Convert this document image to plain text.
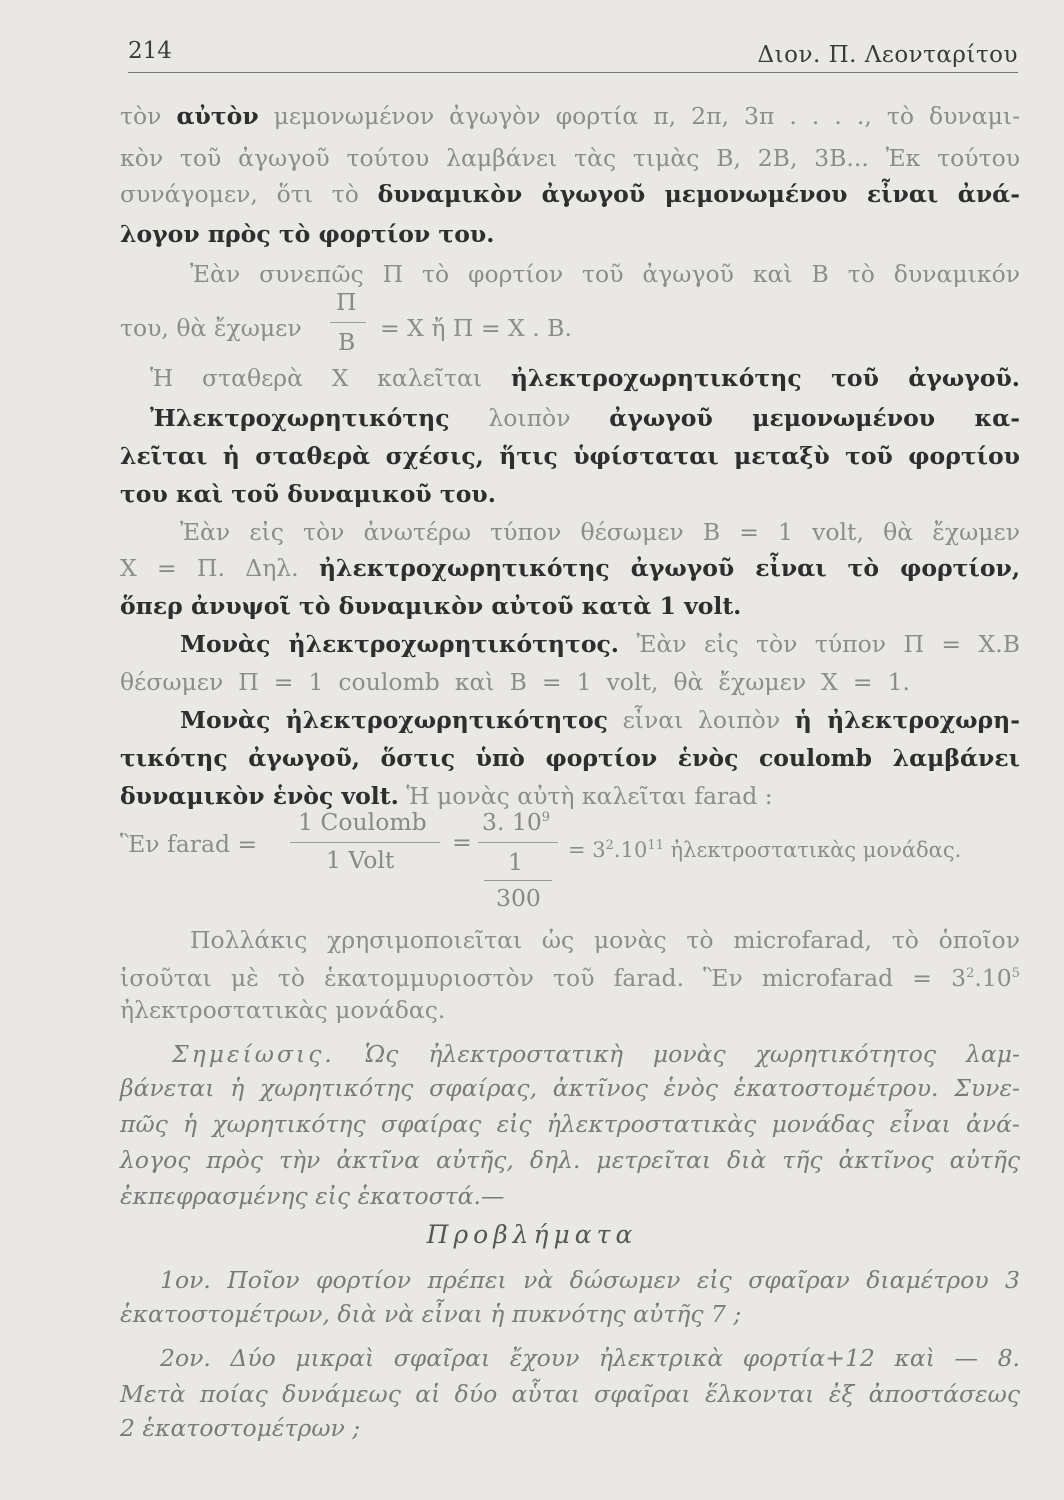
214	Διον. Π. Λεονταρίτου
τὸν αὐτὸν μεμονωμένον ἀγωγὸν φορτία π, 2π, 3π . . . ., τὸ δυναμι-
κὸν τοῦ ἀγωγοῦ τούτου λαμβάνει τὰς τιμὰς Β, 2Β, 3Β... Ἐκ τούτου
συνάγομεν, ὅτι τὸ δυναμικὸν ἀγωγοῦ μεμονωμένου εἶναι ἀνά-
λογον πρὸς τὸ φορτίον του.
Ἐὰν συνεπῶς Π τὸ φορτίον τοῦ ἀγωγοῦ καὶ Β τὸ δυναμικόν
του, θὰ ἔχωμεν
Π
Β = Χ ἤ Π = Χ . Β.
Ἡ σταθερὰ Χ καλεῖται ἠλεκτροχωρητικότης τοῦ ἀγωγοῦ.
Ἠλεκτροχωρητικότης λοιπὸν ἀγωγοῦ μεμονωμένου κα-
λεῖται ἡ σταθερὰ σχέσις, ἥτις ὑφίσταται μεταξὺ τοῦ φορτίου
του καὶ τοῦ δυναμικοῦ του.
Ἐὰν εἰς τὸν ἀνωτέρω τύπον θέσωμεν Β = 1 volt, θὰ ἔχωμεν
Χ = Π. Δηλ. ἠλεκτροχωρητικότης ἀγωγοῦ εἶναι τὸ φορτίον,
ὅπερ ἀνυψοῖ τὸ δυναμικὸν αὐτοῦ κατὰ 1 volt.
Μονὰς ἠλεκτροχωρητικότητος. Ἐὰν εἰς τὸν τύπον Π = Χ.Β
θέσωμεν Π = 1 coulomb καὶ Β = 1 volt, θὰ ἔχωμεν Χ = 1.
Μονὰς ἠλεκτροχωρητικότητος εἶναι λοιπὸν ἡ ἠλεκτροχωρη-
τικότης ἀγωγοῦ, ὅστις ὑπὸ φορτίον ἑνὸς coulomb λαμβάνει
δυναμικὸν ἑνὸς volt. Ἡ μονὰς αὐτὴ καλεῖται farad :
Ἓν farad =
1 Coulomb
1 Volt
=
3. $10^9$
1
300
= $3^2.10^{11}$ ἠλεκτροστατικὰς μονάδας.
Πολλάκις χρησιμοποιεῖται ὡς μονὰς τὸ microfarad, τὸ ὁποῖον
ἰσοῦται μὲ τὸ ἑκατομμυριοστὸν τοῦ farad. Ἓν microfarad = $3^2.10^5$
ἠλεκτροστατικὰς μονάδας.
Σημείωσις. Ὡς ἠλεκτροστατικὴ μονὰς χωρητικότητος λαμ-
βάνεται ἡ χωρητικότης σφαίρας, ἀκτῖνος ἑνὸς ἑκατοστομέτρου. Συνε-
πῶς ἡ χωρητικότης σφαίρας εἰς ἠλεκτροστατικὰς μονάδας εἶναι ἀνά-
λογος πρὸς τὴν ἀκτῖνα αὐτῆς, δηλ. μετρεῖται διὰ τῆς ἀκτῖνος αὐτῆς
ἐκπεφρασμένης εἰς ἑκατοστά.—
Προβλήματα
1ον. Ποῖον φορτίον πρέπει νὰ δώσωμεν εἰς σφαῖραν διαμέτρου 3
ἑκατοστομέτρων, διὰ νὰ εἶναι ἡ πυκνότης αὐτῆς 7 ;
2ον. Δύο μικραὶ σφαῖραι ἔχουν ἠλεκτρικὰ φορτία+12 καὶ — 8.
Μετὰ ποίας δυνάμεως αἱ δύο αὗται σφαῖραι ἕλκονται ἐξ ἀποστάσεως
2 ἑκατοστομέτρων ;
